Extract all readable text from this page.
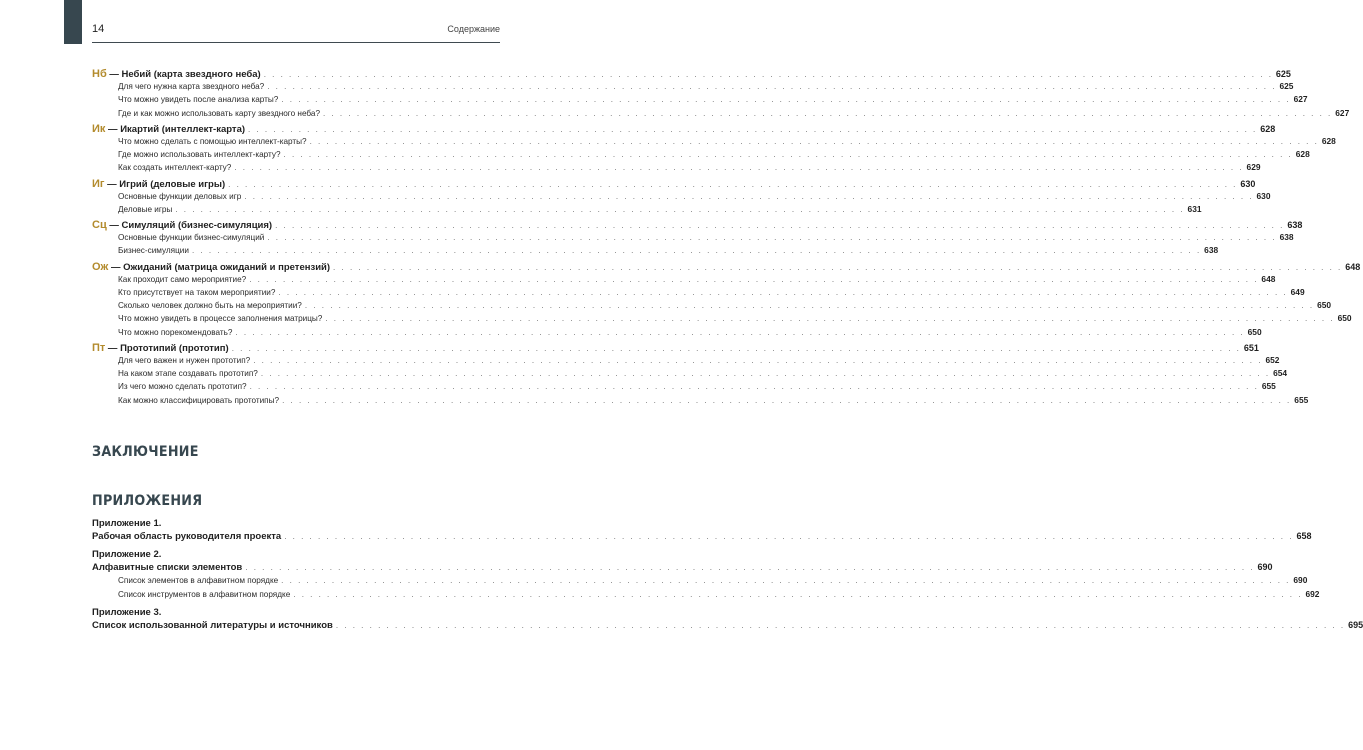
14	Содержание
Нб — Небий (карта звездного неба) . . . . . . . . . . . . . . . . . . . . . . . . . . . . . . . . . . . . . . . . . . . . . . . . . . . . . . . . . . . . . . . . . . . . . . . . . . . . . . . . . . . . . . . . . . . . . . . . . . . . . . . . . . . . . . . . . . . . . . . . 625
Для чего нужна карта звездного неба? . . . . . . . . . . . . . . . . . . . . . . . . . . . . . . . . . . . . . . . . . . . . . . . . . . . . . . . . . . . . . . . . . . . . . . . . . . . . . . . . . . . . . . . . . . . . . . . . . . . . . . . . . . . . . . . . . . . . . . . . 625
Что можно увидеть после анализа карты? . . . . . . . . . . . . . . . . . . . . . . . . . . . . . . . . . . . . . . . . . . . . . . . . . . . . . . . . . . . . . . . . . . . . . . . . . . . . . . . . . . . . . . . . . . . . . . . . . . . . . . . . . . . . . . . . . . . . . . . . 627
Где и как можно использовать карту звездного неба? . . . . . . . . . . . . . . . . . . . . . . . . . . . . . . . . . . . . . . . . . . . . . . . . . . . . . . . . . . . . . . . . . . . . . . . . . . . . . . . . . . . . . . . . . . . . . . . . . . . . . . . . . . . . . . . . . . . . . . . . 627
Ик — Икартий (интеллект-карта) . . . . . . . . . . . . . . . . . . . . . . . . . . . . . . . . . . . . . . . . . . . . . . . . . . . . . . . . . . . . . . . . . . . . . . . . . . . . . . . . . . . . . . . . . . . . . . . . . . . . . . . . . . . . . . . . . . . . . . . . 628
Что можно сделать с помощью интеллект-карты? . . . . . . . . . . . . . . . . . . . . . . . . . . . . . . . . . . . . . . . . . . . . . . . . . . . . . . . . . . . . . . . . . . . . . . . . . . . . . . . . . . . . . . . . . . . . . . . . . . . . . . . . . . . . . . . . . . . . . . . . 628
Где можно использовать интеллект-карту? . . . . . . . . . . . . . . . . . . . . . . . . . . . . . . . . . . . . . . . . . . . . . . . . . . . . . . . . . . . . . . . . . . . . . . . . . . . . . . . . . . . . . . . . . . . . . . . . . . . . . . . . . . . . . . . . . . . . . . . . 628
Как создать интеллект-карту? . . . . . . . . . . . . . . . . . . . . . . . . . . . . . . . . . . . . . . . . . . . . . . . . . . . . . . . . . . . . . . . . . . . . . . . . . . . . . . . . . . . . . . . . . . . . . . . . . . . . . . . . . . . . . . . . . . . . . . . . 629
Иг — Игрий (деловые игры) . . . . . . . . . . . . . . . . . . . . . . . . . . . . . . . . . . . . . . . . . . . . . . . . . . . . . . . . . . . . . . . . . . . . . . . . . . . . . . . . . . . . . . . . . . . . . . . . . . . . . . . . . . . . . . . . . . . . . . . . 630
Основные функции деловых игр . . . . . . . . . . . . . . . . . . . . . . . . . . . . . . . . . . . . . . . . . . . . . . . . . . . . . . . . . . . . . . . . . . . . . . . . . . . . . . . . . . . . . . . . . . . . . . . . . . . . . . . . . . . . . . . . . . . . . . . . 630
Деловые игры . . . . . . . . . . . . . . . . . . . . . . . . . . . . . . . . . . . . . . . . . . . . . . . . . . . . . . . . . . . . . . . . . . . . . . . . . . . . . . . . . . . . . . . . . . . . . . . . . . . . . . . . . . . . . . . . . . . . . . . . 631
Сц — Симуляций (бизнес-симуляция) . . . . . . . . . . . . . . . . . . . . . . . . . . . . . . . . . . . . . . . . . . . . . . . . . . . . . . . . . . . . . . . . . . . . . . . . . . . . . . . . . . . . . . . . . . . . . . . . . . . . . . . . . . . . . . . . . . . . . . . . 638
Основные функции бизнес-симуляций . . . . . . . . . . . . . . . . . . . . . . . . . . . . . . . . . . . . . . . . . . . . . . . . . . . . . . . . . . . . . . . . . . . . . . . . . . . . . . . . . . . . . . . . . . . . . . . . . . . . . . . . . . . . . . . . . . . . . . . . 638
Бизнес-симуляции . . . . . . . . . . . . . . . . . . . . . . . . . . . . . . . . . . . . . . . . . . . . . . . . . . . . . . . . . . . . . . . . . . . . . . . . . . . . . . . . . . . . . . . . . . . . . . . . . . . . . . . . . . . . . . . . . . . . . . . . 638
Ож — Ожиданий (матрица ожиданий и претензий) . . . . . . . . . . . . . . . . . . . . . . . . . . . . . . . . . . . . . . . . . . . . . . . . . . . . . . . . . . . . . . . . . . . . . . . . . . . . . . . . . . . . . . . . . . . . . . . . . . . . . . . . . . . . . . . . . . . . . . . . 648
Как проходит само мероприятие? . . . . . . . . . . . . . . . . . . . . . . . . . . . . . . . . . . . . . . . . . . . . . . . . . . . . . . . . . . . . . . . . . . . . . . . . . . . . . . . . . . . . . . . . . . . . . . . . . . . . . . . . . . . . . . . . . . . . . . . . 648
Кто присутствует на таком мероприятии? . . . . . . . . . . . . . . . . . . . . . . . . . . . . . . . . . . . . . . . . . . . . . . . . . . . . . . . . . . . . . . . . . . . . . . . . . . . . . . . . . . . . . . . . . . . . . . . . . . . . . . . . . . . . . . . . . . . . . . . . 649
Сколько человек должно быть на мероприятии? . . . . . . . . . . . . . . . . . . . . . . . . . . . . . . . . . . . . . . . . . . . . . . . . . . . . . . . . . . . . . . . . . . . . . . . . . . . . . . . . . . . . . . . . . . . . . . . . . . . . . . . . . . . . . . . . . . . . . . . . 650
Что можно увидеть в процессе заполнения матрицы? . . . . . . . . . . . . . . . . . . . . . . . . . . . . . . . . . . . . . . . . . . . . . . . . . . . . . . . . . . . . . . . . . . . . . . . . . . . . . . . . . . . . . . . . . . . . . . . . . . . . . . . . . . . . . . . . . . . . . . . . 650
Что можно порекомендовать? . . . . . . . . . . . . . . . . . . . . . . . . . . . . . . . . . . . . . . . . . . . . . . . . . . . . . . . . . . . . . . . . . . . . . . . . . . . . . . . . . . . . . . . . . . . . . . . . . . . . . . . . . . . . . . . . . . . . . . . . 650
Пт — Прототипий (прототип) . . . . . . . . . . . . . . . . . . . . . . . . . . . . . . . . . . . . . . . . . . . . . . . . . . . . . . . . . . . . . . . . . . . . . . . . . . . . . . . . . . . . . . . . . . . . . . . . . . . . . . . . . . . . . . . . . . . . . . . . 651
Для чего важен и нужен прототип? . . . . . . . . . . . . . . . . . . . . . . . . . . . . . . . . . . . . . . . . . . . . . . . . . . . . . . . . . . . . . . . . . . . . . . . . . . . . . . . . . . . . . . . . . . . . . . . . . . . . . . . . . . . . . . . . . . . . . . . . 652
На каком этапе создавать прототип? . . . . . . . . . . . . . . . . . . . . . . . . . . . . . . . . . . . . . . . . . . . . . . . . . . . . . . . . . . . . . . . . . . . . . . . . . . . . . . . . . . . . . . . . . . . . . . . . . . . . . . . . . . . . . . . . . . . . . . . . 654
Из чего можно сделать прототип? . . . . . . . . . . . . . . . . . . . . . . . . . . . . . . . . . . . . . . . . . . . . . . . . . . . . . . . . . . . . . . . . . . . . . . . . . . . . . . . . . . . . . . . . . . . . . . . . . . . . . . . . . . . . . . . . . . . . . . . . 655
Как можно классифицировать прототипы? . . . . . . . . . . . . . . . . . . . . . . . . . . . . . . . . . . . . . . . . . . . . . . . . . . . . . . . . . . . . . . . . . . . . . . . . . . . . . . . . . . . . . . . . . . . . . . . . . . . . . . . . . . . . . . . . . . . . . . . . 655
ЗАКЛЮЧЕНИЕ
ПРИЛОЖЕНИЯ
Приложение 1.
Рабочая область руководителя проекта . . . . . . . . . . . . . . . . . . . . . . . . . . . . . . . . . . . . . . . . . . . . . . . . . . . . . . . . . . . . . . . . . . . . . . . . . . . . . . . . . . . . . . . . . . . . . . . . . . . . . . . . . . . . . . . . . . . . . . . . 658
Приложение 2.
Алфавитные списки элементов . . . . . . . . . . . . . . . . . . . . . . . . . . . . . . . . . . . . . . . . . . . . . . . . . . . . . . . . . . . . . . . . . . . . . . . . . . . . . . . . . . . . . . . . . . . . . . . . . . . . . . . . . . . . . . . . . . . . . . . . 690
Список элементов в алфавитном порядке . . . . . . . . . . . . . . . . . . . . . . . . . . . . . . . . . . . . . . . . . . . . . . . . . . . . . . . . . . . . . . . . . . . . . . . . . . . . . . . . . . . . . . . . . . . . . . . . . . . . . . . . . . . . . . . . . . . . . . . . 690
Список инструментов в алфавитном порядке . . . . . . . . . . . . . . . . . . . . . . . . . . . . . . . . . . . . . . . . . . . . . . . . . . . . . . . . . . . . . . . . . . . . . . . . . . . . . . . . . . . . . . . . . . . . . . . . . . . . . . . . . . . . . . . . . . . . . . . . 692
Приложение 3.
Список использованной литературы и источников . . . . . . . . . . . . . . . . . . . . . . . . . . . . . . . . . . . . . . . . . . . . . . . . . . . . . . . . . . . . . . . . . . . . . . . . . . . . . . . . . . . . . . . . . . . . . . . . . . . . . . . . . . . . . . . . . . . . . . . . 695
